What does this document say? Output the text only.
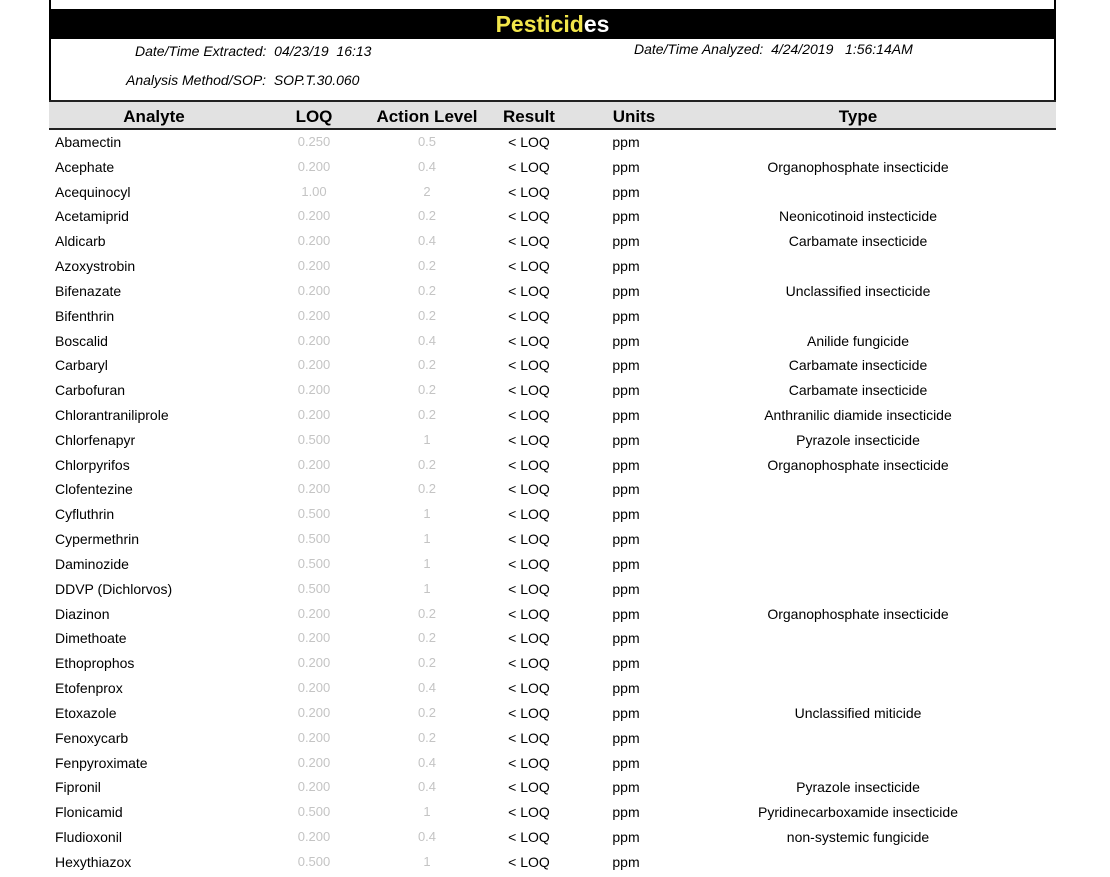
Pesticides
Date/Time Extracted: 04/23/19  16:13	Date/Time Analyzed: 4/24/2019   1:56:14AM
Analysis Method/SOP: SOP.T.30.060
Analyte	LOQ	Action Level	Result	Units	Type
Abamectin	0.250	0.5	< LOQ	ppm
Acephate	0.200	0.4	< LOQ	ppm	Organophosphate insecticide
Acequinocyl	1.00	2	< LOQ	ppm
Acetamiprid	0.200	0.2	< LOQ	ppm	Neonicotinoid instecticide
Aldicarb	0.200	0.4	< LOQ	ppm	Carbamate insecticide
Azoxystrobin	0.200	0.2	< LOQ	ppm
Bifenazate	0.200	0.2	< LOQ	ppm	Unclassified insecticide
Bifenthrin	0.200	0.2	< LOQ	ppm
Boscalid	0.200	0.4	< LOQ	ppm	Anilide fungicide
Carbaryl	0.200	0.2	< LOQ	ppm	Carbamate insecticide
Carbofuran	0.200	0.2	< LOQ	ppm	Carbamate insecticide
Chlorantraniliprole	0.200	0.2	< LOQ	ppm	Anthranilic diamide insecticide
Chlorfenapyr	0.500	1	< LOQ	ppm	Pyrazole insecticide
Chlorpyrifos	0.200	0.2	< LOQ	ppm	Organophosphate insecticide
Clofentezine	0.200	0.2	< LOQ	ppm
Cyfluthrin	0.500	1	< LOQ	ppm
Cypermethrin	0.500	1	< LOQ	ppm
Daminozide	0.500	1	< LOQ	ppm
DDVP (Dichlorvos)	0.500	1	< LOQ	ppm
Diazinon	0.200	0.2	< LOQ	ppm	Organophosphate insecticide
Dimethoate	0.200	0.2	< LOQ	ppm
Ethoprophos	0.200	0.2	< LOQ	ppm
Etofenprox	0.200	0.4	< LOQ	ppm
Etoxazole	0.200	0.2	< LOQ	ppm	Unclassified miticide
Fenoxycarb	0.200	0.2	< LOQ	ppm
Fenpyroximate	0.200	0.4	< LOQ	ppm
Fipronil	0.200	0.4	< LOQ	ppm	Pyrazole insecticide
Flonicamid	0.500	1	< LOQ	ppm	Pyridinecarboxamide insecticide
Fludioxonil	0.200	0.4	< LOQ	ppm	non-systemic fungicide
Hexythiazox	0.500	1	< LOQ	ppm
